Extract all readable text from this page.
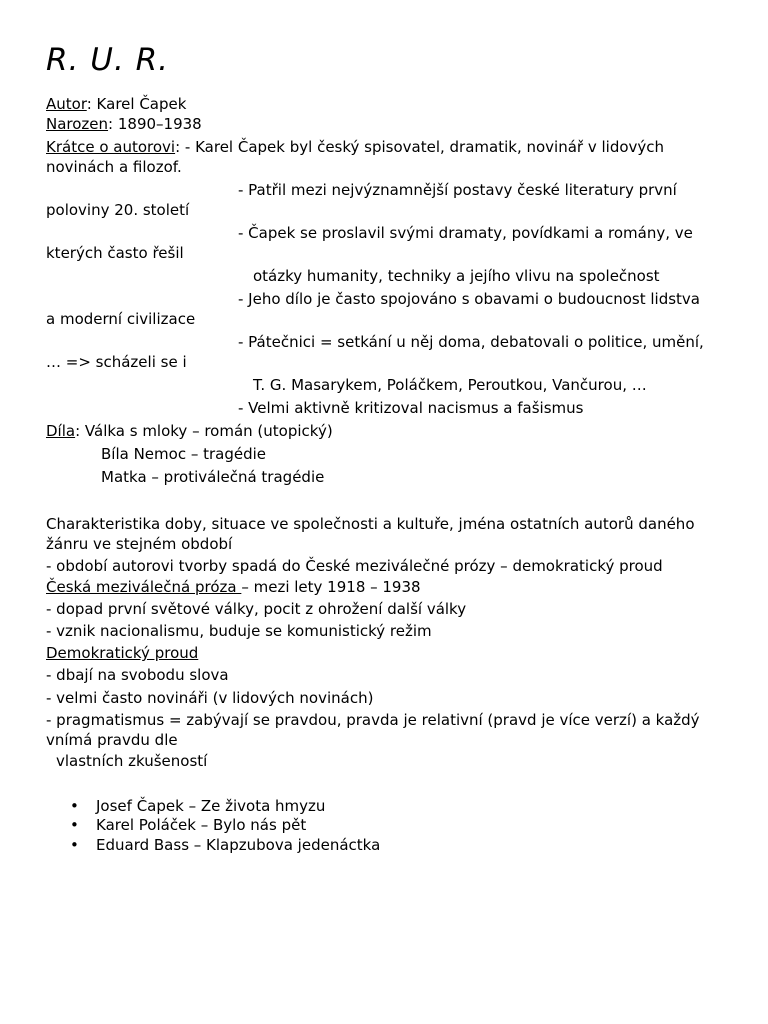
R. U. R.
Autor: Karel Čapek
Narozen: 1890–1938
Krátce o autorovi: - Karel Čapek byl český spisovatel, dramatik, novinář v lidových
novinách a filozof.
- Patřil mezi nejvýznamnější postavy české literatury první
poloviny 20. století
- Čapek se proslavil svými dramaty, povídkami a romány, ve
kterých často řešil
otázky humanity, techniky a jejího vlivu na společnost
- Jeho dílo je často spojováno s obavami o budoucnost lidstva
a moderní civilizace
- Pátečnici = setkání u něj doma, debatovali o politice, umění,
… => scházeli se i
T. G. Masarykem, Poláčkem, Peroutkou, Vančurou, …
- Velmi aktivně kritizoval nacismus a fašismus
Díla: Válka s mloky – román (utopický)
Bíla Nemoc – tragédie
Matka – protiválečná tragédie
Charakteristika doby, situace ve společnosti a kultuře, jména ostatních autorů daného žánru ve stejném období
- období autorovi tvorby spadá do České meziválečné prózy – demokratický proud
Česká meziválečná próza – mezi lety 1918 – 1938
- dopad první světové války, pocit z ohrožení další války
- vznik nacionalismu, buduje se komunistický režim
Demokratický proud
- dbají na svobodu slova
- velmi často novináři (v lidových novinách)
- pragmatismus = zabývají se pravdou, pravda je relativní (pravd je více verzí) a každý vnímá pravdu dle
vlastních zkušeností
• Josef Čapek – Ze života hmyzu
• Karel Poláček – Bylo nás pět
• Eduard Bass – Klapzubova jedenáctka
